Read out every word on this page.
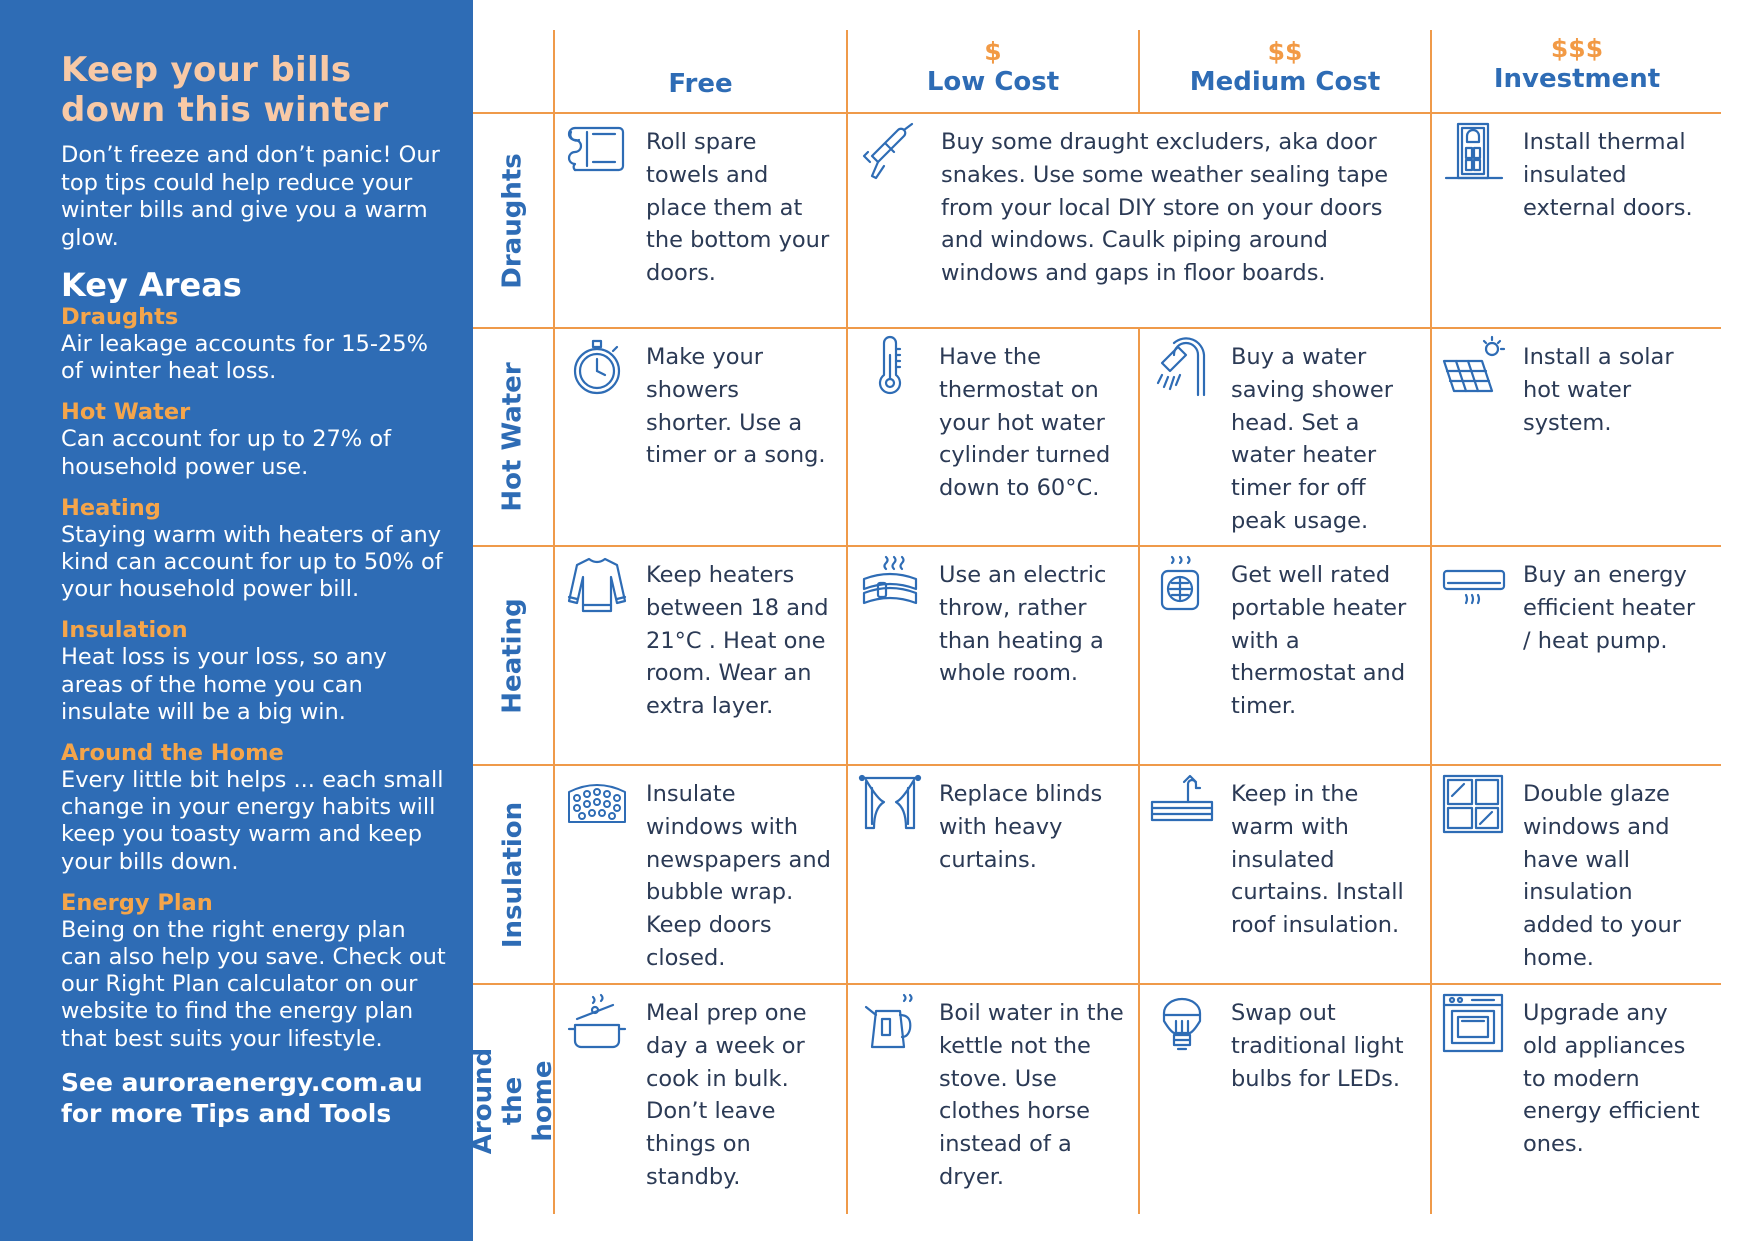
Keep your bills down this winter

Don’t freeze and don’t panic! Our top tips could help reduce your winter bills and give you a warm glow.

Key Areas
Draughts
Air leakage accounts for 15-25% of winter heat loss.
Hot Water
Can account for up to 27% of household power use.
Heating
Staying warm with heaters of any kind can account for up to 50% of your household power bill.
Insulation
Heat loss is your loss, so any areas of the home you can insulate will be a big win.
Around the Home
Every little bit helps ... each small change in your energy habits will keep you toasty warm and keep your bills down.
Energy Plan
Being on the right energy plan can also help you save. Check out our Right Plan calculator on our website to find the energy plan that best suits your lifestyle.
See auroraenergy.com.au for more Tips and Tools
Free
$
Low Cost
$$
Medium Cost
$$$
Investment
Draughts
Hot Water
Heating
Insulation
Around the home
Roll spare towels and place them at the bottom your doors.
Buy some draught excluders, aka door snakes. Use some weather sealing tape from your local DIY store on your doors and windows. Caulk piping around windows and gaps in floor boards.
Install thermal insulated external doors.
Make your showers shorter. Use a timer or a song.
Have the thermostat on your hot water cylinder turned down to 60°C.
Buy a water saving shower head. Set a water heater timer for off peak usage.
Install a solar hot water system.
Keep heaters between 18 and 21°C . Heat one room. Wear an extra layer.
Use an electric throw, rather than heating a whole room.
Get well rated portable heater with a thermostat and timer.
Buy an energy efficient heater / heat pump.
Insulate windows with newspapers and bubble wrap. Keep doors closed.
Replace blinds with heavy curtains.
Keep in the warm with insulated curtains. Install roof insulation.
Double glaze windows and have wall insulation added to your home.
Meal prep one day a week or cook in bulk. Don’t leave things on standby.
Boil water in the kettle not the stove. Use clothes horse instead of a dryer.
Swap out traditional light bulbs for LEDs.
Upgrade any old appliances to modern energy efficient ones.
